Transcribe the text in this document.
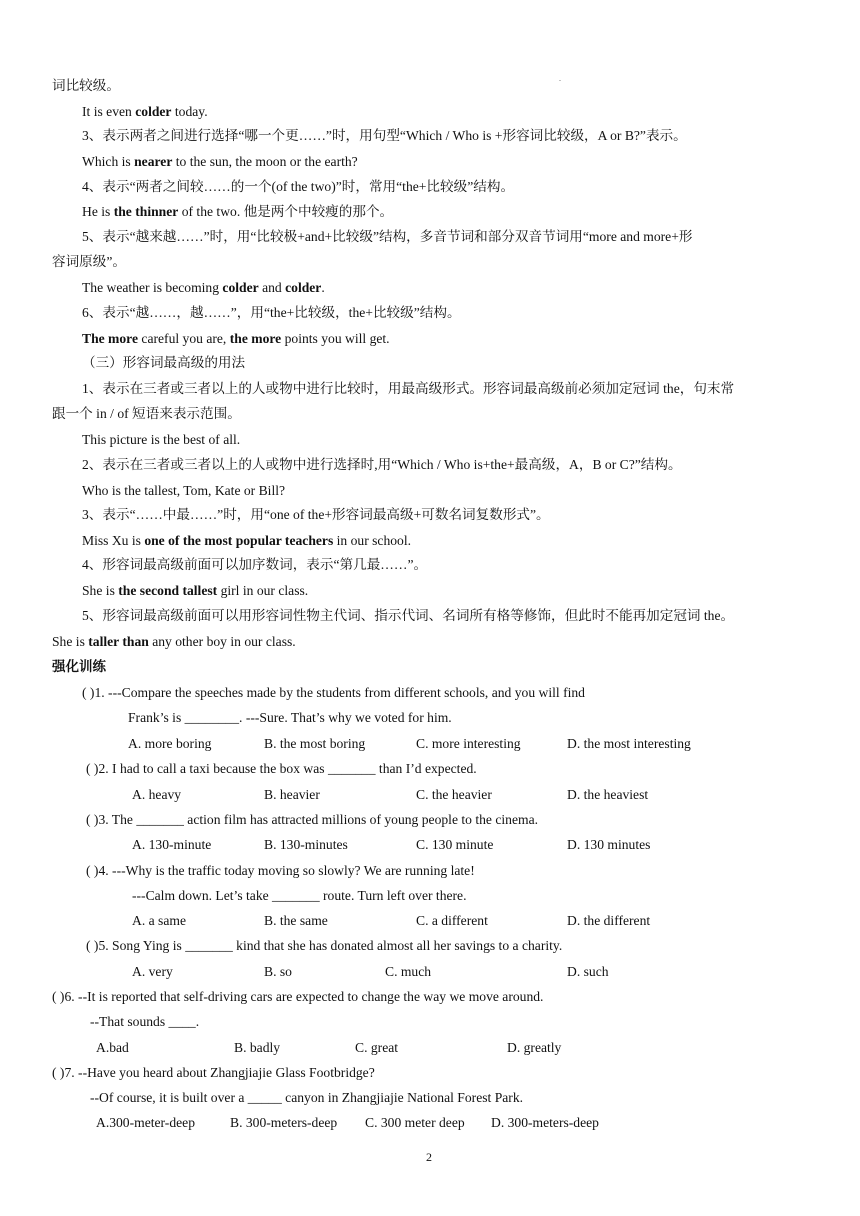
.
词比较级。
It is even colder today.
3、表示两者之间进行选择“哪一个更……”时，用句型“Which / Who is +形容词比较级，A or B?”表示。
Which is nearer to the sun, the moon or the earth?
4、表示“两者之间较……的一个(of the two)”时，常用“the+比较级”结构。
He is the thinner of the two. 他是两个中较瘦的那个。
5、表示“越来越……”时，用“比较极+and+比较级”结构，多音节词和部分双音节词用“more and more+形
容词原级”。
The weather is becoming colder and colder.
6、表示“越……，越……”，用“the+比较级，the+比较级”结构。
The more careful you are, the more points you will get.
（三）形容词最高级的用法
1、表示在三者或三者以上的人或物中进行比较时，用最高级形式。形容词最高级前必须加定冠词 the，句末常
跟一个 in / of 短语来表示范围。
This picture is the best of all.
2、表示在三者或三者以上的人或物中进行选择时,用“Which / Who is+the+最高级，A，B or C?”结构。
Who is the tallest, Tom, Kate or Bill?
3、表示“……中最……”时，用“one of the+形容词最高级+可数名词复数形式”。
Miss Xu is one of the most popular teachers in our school.
4、形容词最高级前面可以加序数词，表示“第几最……”。
She is the second tallest girl in our class.
5、形容词最高级前面可以用形容词性物主代词、指示代词、名词所有格等修饰，但此时不能再加定冠词 the。
She is taller than any other boy in our class.
强化训练
( )1. ---Compare the speeches made by the students from different schools, and you will find
Frank’s is ________. ---Sure. That’s why we voted for him.
A. more boring	B. the most boring	C. more interesting	D. the most interesting
( )2. I had to call a taxi because the box was _______ than I’d expected.
A. heavy	B. heavier	C. the heavier	D. the heaviest
( )3. The _______ action film has attracted millions of young people to the cinema.
A. 130-minute	B. 130-minutes	C. 130 minute	D. 130 minutes
( )4. ---Why is the traffic today moving so slowly? We are running late!
---Calm down. Let’s take _______ route. Turn left over there.
A. a same	B. the same	C. a different	D. the different
( )5. Song Ying is _______ kind that she has donated almost all her savings to a charity.
A. very	B. so	C. much	D. such
( )6. --It is reported that self-driving cars are expected to change the way we move around.
--That sounds ____.
A.bad	B. badly	C. great	D. greatly
( )7. --Have you heard about Zhangjiajie Glass Footbridge?
--Of course, it is built over a _____ canyon in Zhangjiajie National Forest Park.
A.300-meter-deep	B. 300-meters-deep C. 300 meter deep D. 300-meters-deep
2
